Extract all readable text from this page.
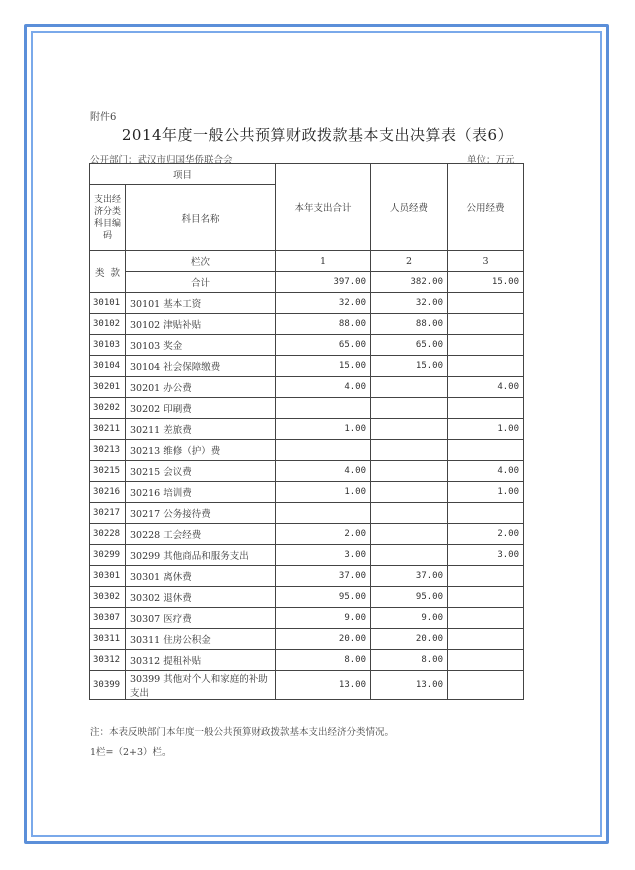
附件6
2014年度一般公共预算财政拨款基本支出决算表（表6）
公开部门：武汉市归国华侨联合会	单位：万元
项目		本年支出合计	人员经费	公用经费
支出经济分类科目编码	科目名称			
类 款	栏次	1	2	3
	合计	397.00	382.00	15.00
30101	30101 基本工资	32.00	32.00	
30102	30102 津贴补贴	88.00	88.00	
30103	30103 奖金	65.00	65.00	
30104	30104 社会保障缴费	15.00	15.00	
30201	30201 办公费	4.00		4.00
30202	30202 印刷费			
30211	30211 差旅费	1.00		1.00
30213	30213 维修（护）费			
30215	30215 会议费	4.00		4.00
30216	30216 培训费	1.00		1.00
30217	30217 公务接待费			
30228	30228 工会经费	2.00		2.00
30299	30299 其他商品和服务支出	3.00		3.00
30301	30301 离休费	37.00	37.00	
30302	30302 退休费	95.00	95.00	
30307	30307 医疗费	9.00	9.00	
30311	30311 住房公积金	20.00	20.00	
30312	30312 提租补贴	8.00	8.00	
30399	30399 其他对个人和家庭的补助支出	13.00	13.00	
注：本表反映部门本年度一般公共预算财政拨款基本支出经济分类情况。
1栏=（2+3）栏。
